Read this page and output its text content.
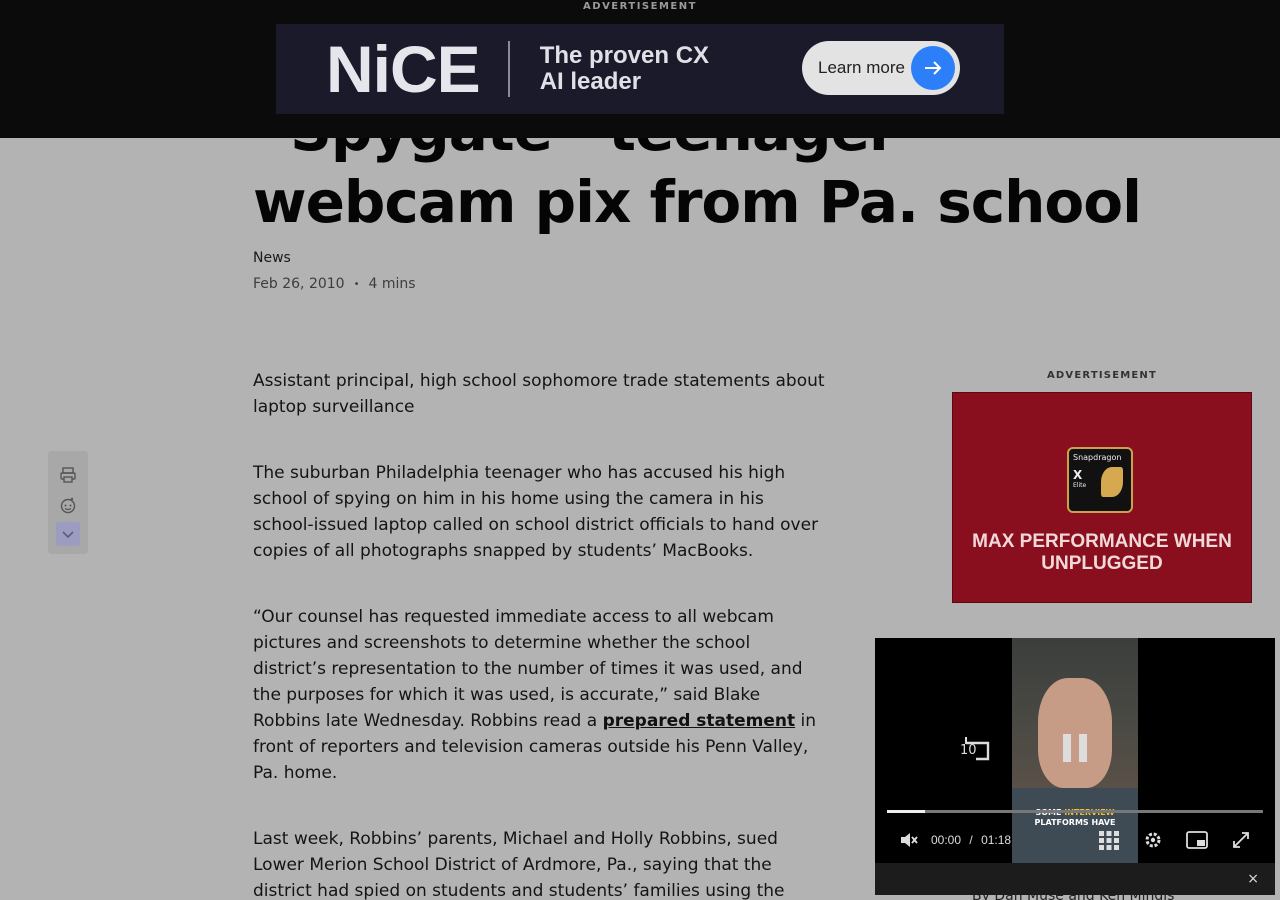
ADVERTISEMENT
NiCE	The proven CX AI leader
Learn more
webcam pix from Pa. school
News
Feb 26, 2010 • 4 mins

Assistant principal, high school sophomore trade statements about laptop surveillance

The suburban Philadelphia teenager who has accused his high school of spying on him in his home using the camera in his school-issued laptop called on school district officials to hand over copies of all photographs snapped by students’ MacBooks.

“Our counsel has requested immediate access to all webcam pictures and screenshots to determine whether the school district’s representation to the number of times it was used, and the purposes for which it was used, is accurate,” said Blake Robbins late Wednesday. Robbins read a prepared statement in front of reporters and television cameras outside his Penn Valley, Pa. home.

Last week, Robbins’ parents, Michael and Holly Robbins, sued Lower Merion School District of Ardmore, Pa., saying that the district had spied on students and students’ families using the

ADVERTISEMENT
Snapdragon
X
Elite
MAX PERFORMANCE WHEN UNPLUGGED

PLATFORMS HAVE
10
00:00 / 01:18
×
